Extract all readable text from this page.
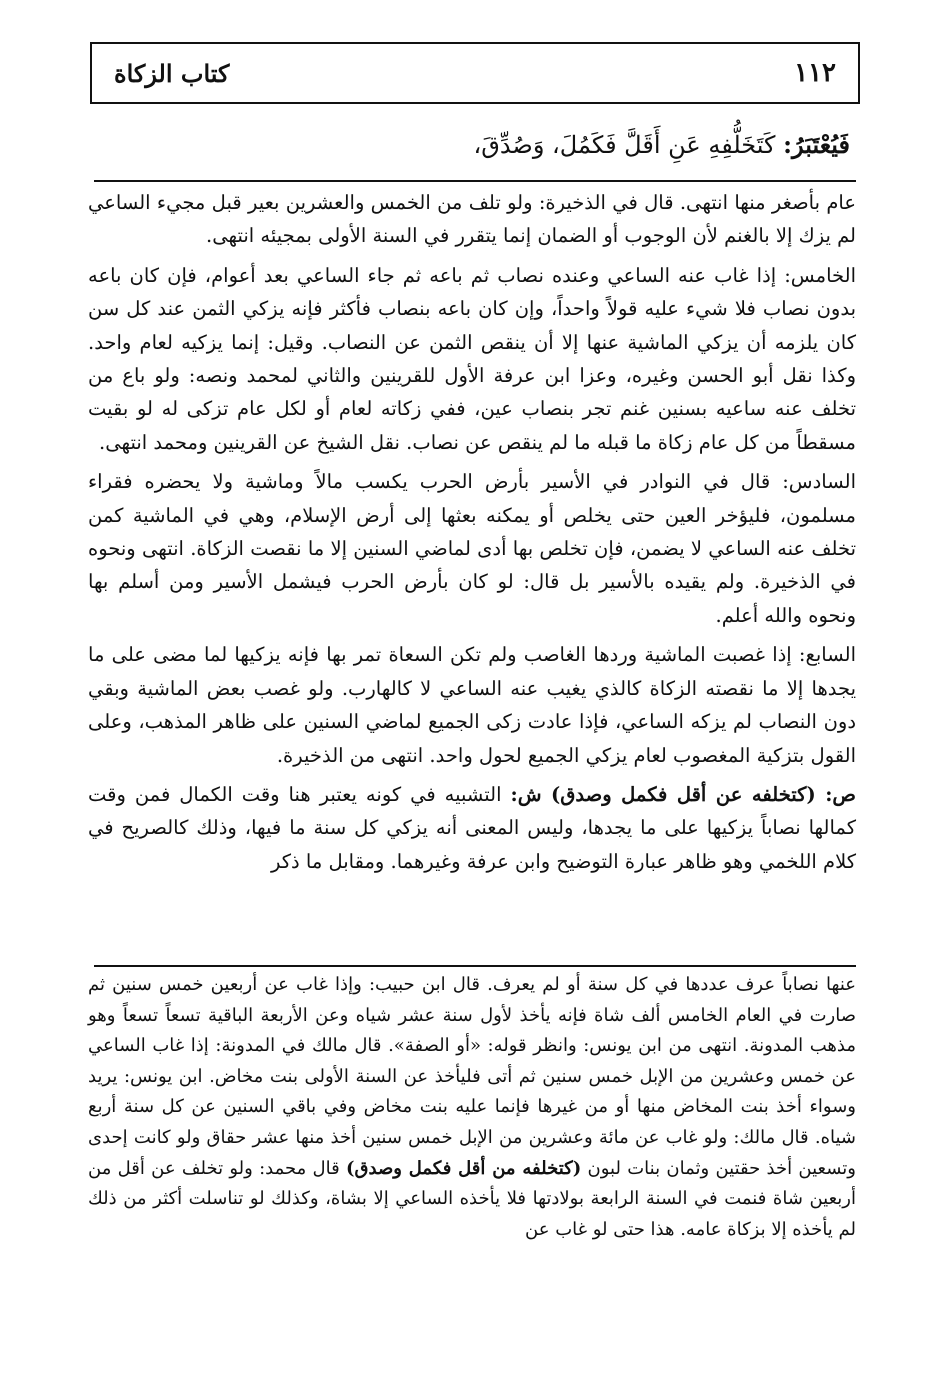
١١٢
كتاب الزكاة
فَيُعْتَبَرُ: كَتَخَلُّفِهِ عَنِ أَقَلَّ فَكَمُلَ، وَصُدِّقَ،

عام بأصغر منها انتهى. قال في الذخيرة: ولو تلف من الخمس والعشرين بعير قبل مجيء الساعي لم يزك إلا بالغنم لأن الوجوب أو الضمان إنما يتقرر في السنة الأولى بمجيئه انتهى.

الخامس: إذا غاب عنه الساعي وعنده نصاب ثم باعه ثم جاء الساعي بعد أعوام، فإن كان باعه بدون نصاب فلا شيء عليه قولاً واحداً، وإن كان باعه بنصاب فأكثر فإنه يزكي الثمن عند كل سن كان يلزمه أن يزكي الماشية عنها إلا أن ينقص الثمن عن النصاب. وقيل: إنما يزكيه لعام واحد. وكذا نقل أبو الحسن وغيره، وعزا ابن عرفة الأول للقرينين والثاني لمحمد ونصه: ولو باع من تخلف عنه ساعيه بسنين غنم تجر بنصاب عين، ففي زكاته لعام أو لكل عام تزكى له لو بقيت مسقطاً من كل عام زكاة ما قبله ما لم ينقص عن نصاب. نقل الشيخ عن القرينين ومحمد انتهى.

السادس: قال في النوادر في الأسير بأرض الحرب يكسب مالاً وماشية ولا يحضره فقراء مسلمون، فليؤخر العين حتى يخلص أو يمكنه بعثها إلى أرض الإسلام، وهي في الماشية كمن تخلف عنه الساعي لا يضمن، فإن تخلص بها أدى لماضي السنين إلا ما نقصت الزكاة. انتهى ونحوه في الذخيرة. ولم يقيده بالأسير بل قال: لو كان بأرض الحرب فيشمل الأسير ومن أسلم بها ونحوه والله أعلم.

السابع: إذا غصبت الماشية وردها الغاصب ولم تكن السعاة تمر بها فإنه يزكيها لما مضى على ما يجدها إلا ما نقصته الزكاة كالذي يغيب عنه الساعي لا كالهارب. ولو غصب بعض الماشية وبقي دون النصاب لم يزكه الساعي، فإذا عادت زكى الجميع لماضي السنين على ظاهر المذهب، وعلى القول بتزكية المغصوب لعام يزكي الجميع لحول واحد. انتهى من الذخيرة.

ص: (كتخلفه عن أقل فكمل وصدق) ش: التشبيه في كونه يعتبر هنا وقت الكمال فمن وقت كمالها نصاباً يزكيها على ما يجدها، وليس المعنى أنه يزكي كل سنة ما فيها، وذلك كالصريح في كلام اللخمي وهو ظاهر عبارة التوضيح وابن عرفة وغيرهما. ومقابل ما ذكر

عنها نصاباً عرف عددها في كل سنة أو لم يعرف. قال ابن حبيب: وإذا غاب عن أربعين خمس سنين ثم صارت في العام الخامس ألف شاة فإنه يأخذ لأول سنة عشر شياه وعن الأربعة الباقية تسعاً تسعاً وهو مذهب المدونة. انتهى من ابن يونس: وانظر قوله: «أو الصفة». قال مالك في المدونة: إذا غاب الساعي عن خمس وعشرين من الإبل خمس سنين ثم أتى فليأخذ عن السنة الأولى بنت مخاض. ابن يونس: يريد وسواء أخذ بنت المخاض منها أو من غيرها فإنما عليه بنت مخاض وفي باقي السنين عن كل سنة أربع شياه. قال مالك: ولو غاب عن مائة وعشرين من الإبل خمس سنين أخذ منها عشر حقاق ولو كانت إحدى وتسعين أخذ حقتين وثمان بنات لبون (كتخلفه من أقل فكمل وصدق) قال محمد: ولو تخلف عن أقل من أربعين شاة فنمت في السنة الرابعة بولادتها فلا يأخذه الساعي إلا بشاة، وكذلك لو تناسلت أكثر من ذلك لم يأخذه إلا بزكاة عامه. هذا حتى لو غاب عن
